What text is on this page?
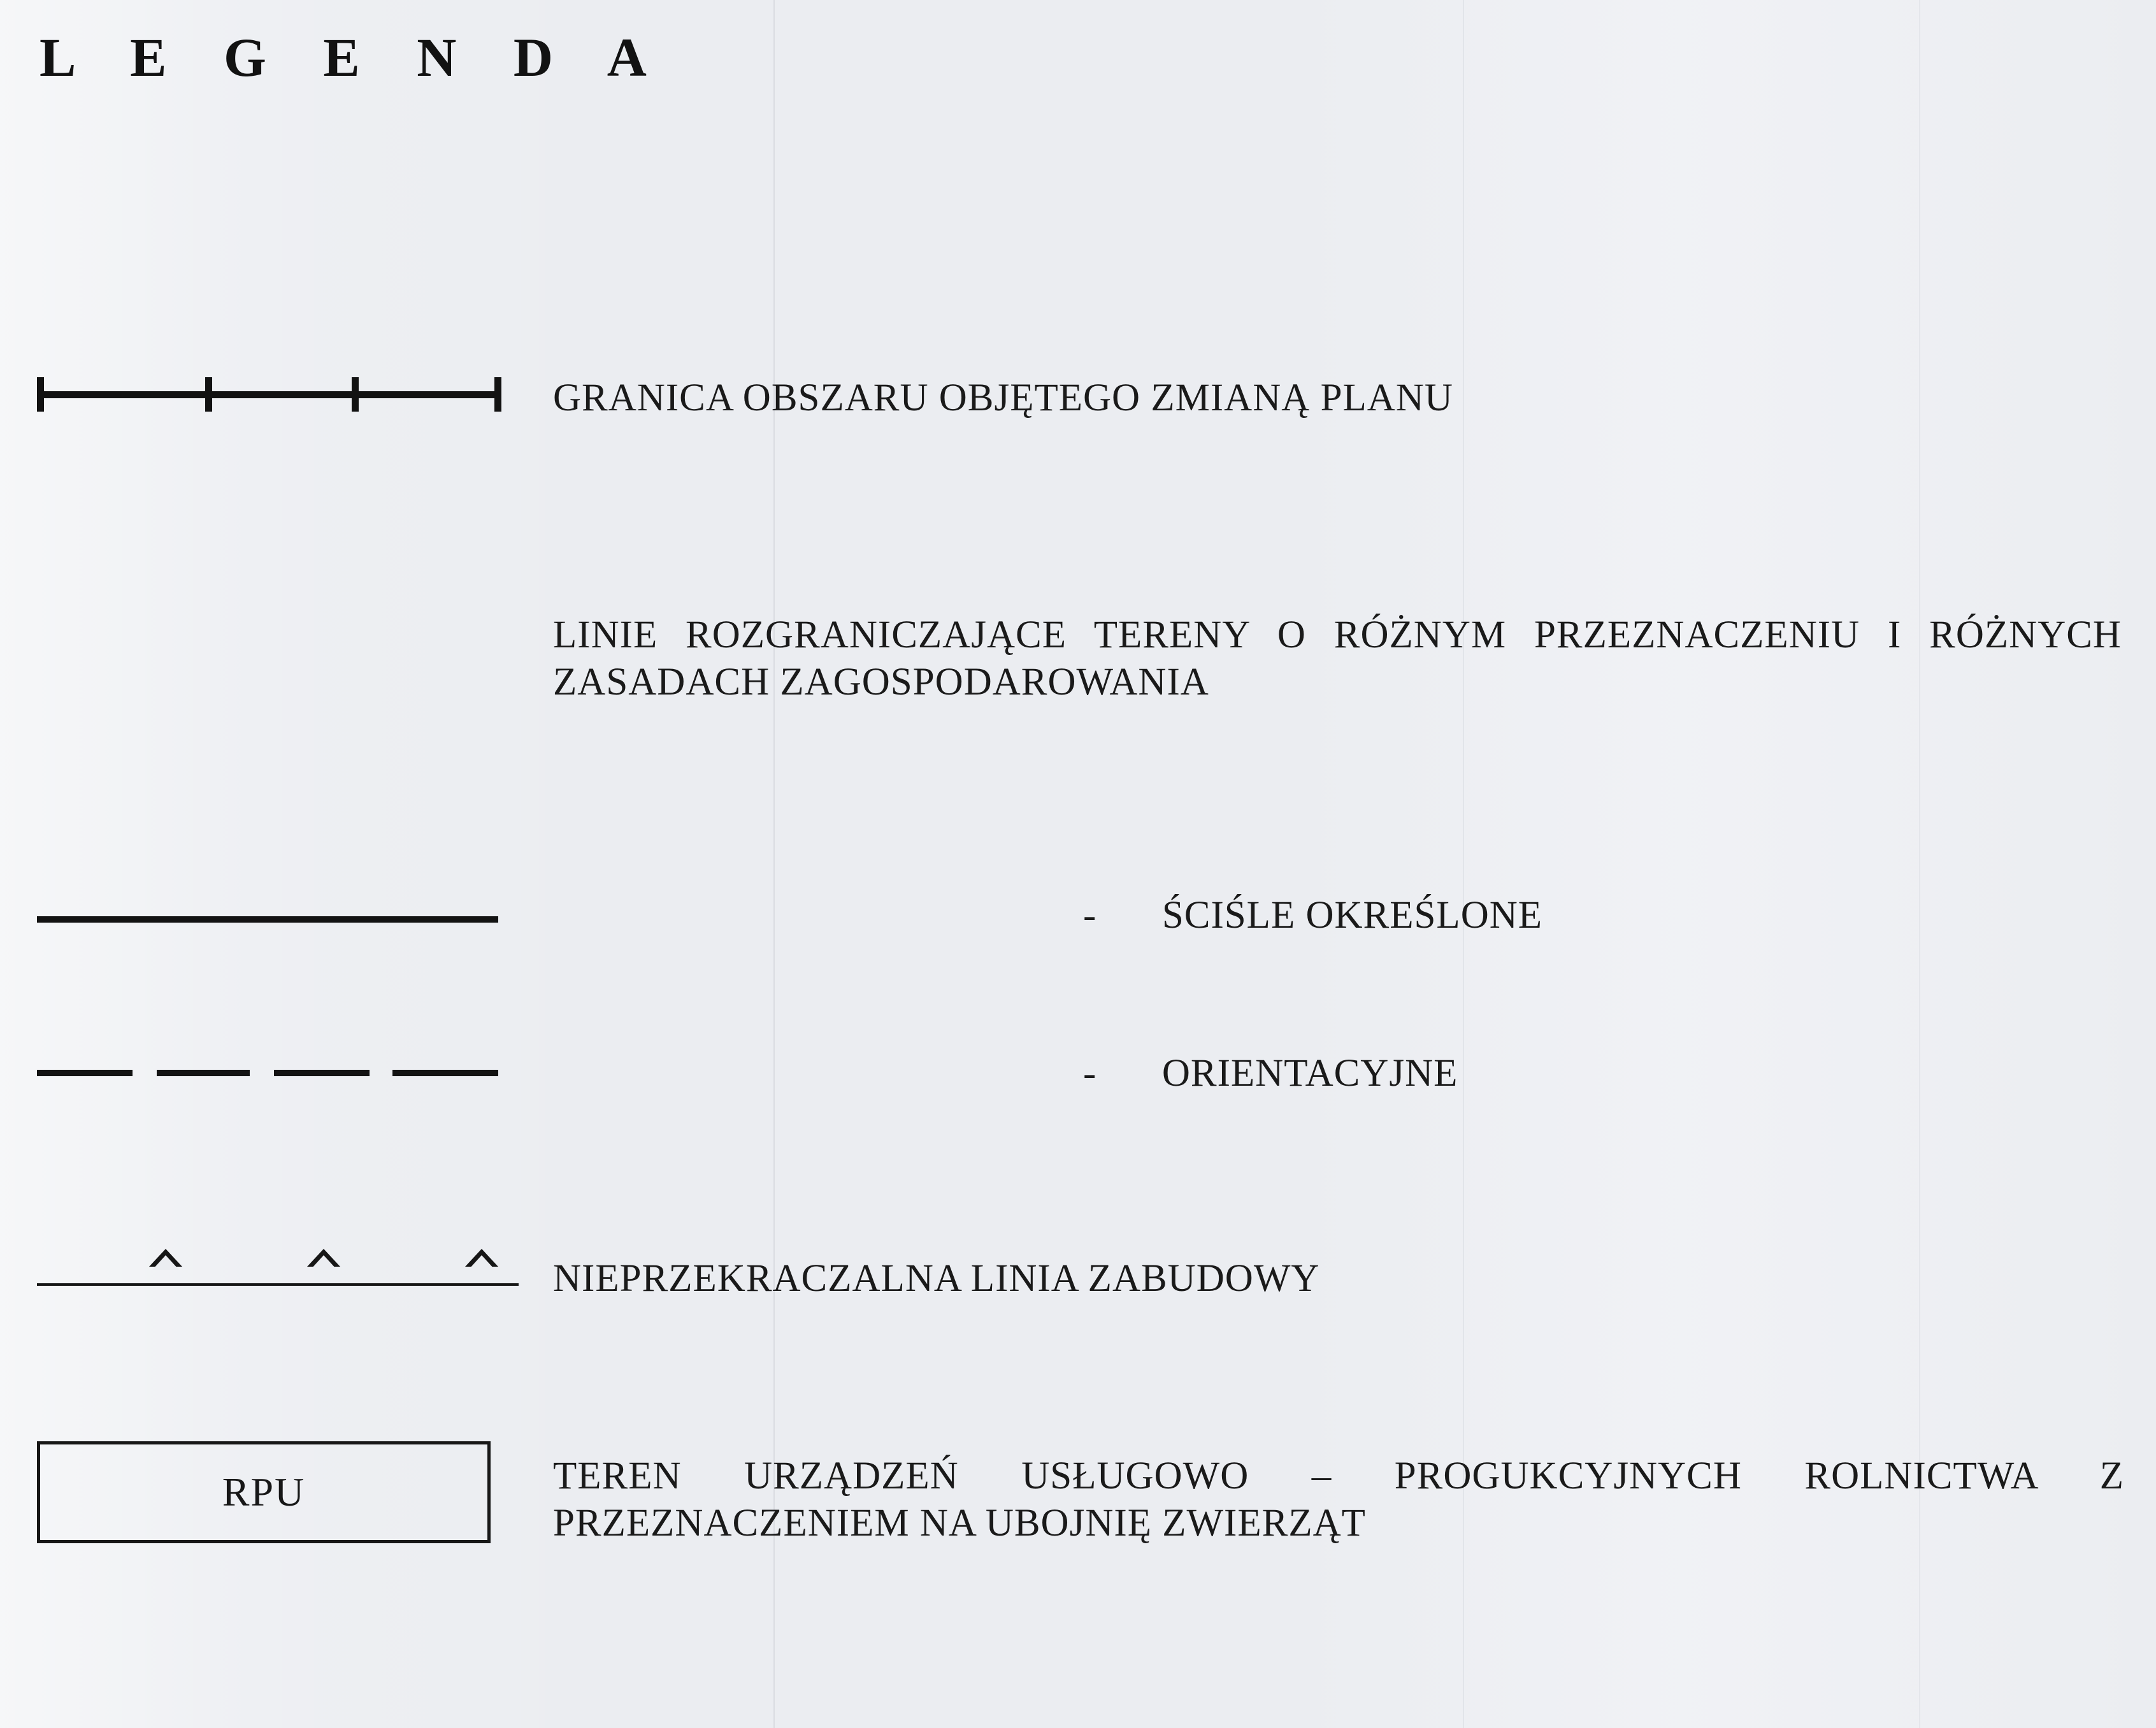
L E G E N D A
GRANICA OBSZARU OBJĘTEGO ZMIANĄ PLANU
LINIE ROZGRANICZAJĄCE TERENY O RÓŻNYM PRZEZNACZENIU I RÓŻNYCH ZASADACH ZAGOSPODAROWANIA
- ŚCIŚLE OKREŚLONE
- ORIENTACYJNE
NIEPRZEKRACZALNA LINIA ZABUDOWY
RPU	TEREN URZĄDZEŃ USŁUGOWO – PROGUKCYJNYCH ROLNICTWA Z PRZEZNACZENIEM NA UBOJNIĘ ZWIERZĄT
